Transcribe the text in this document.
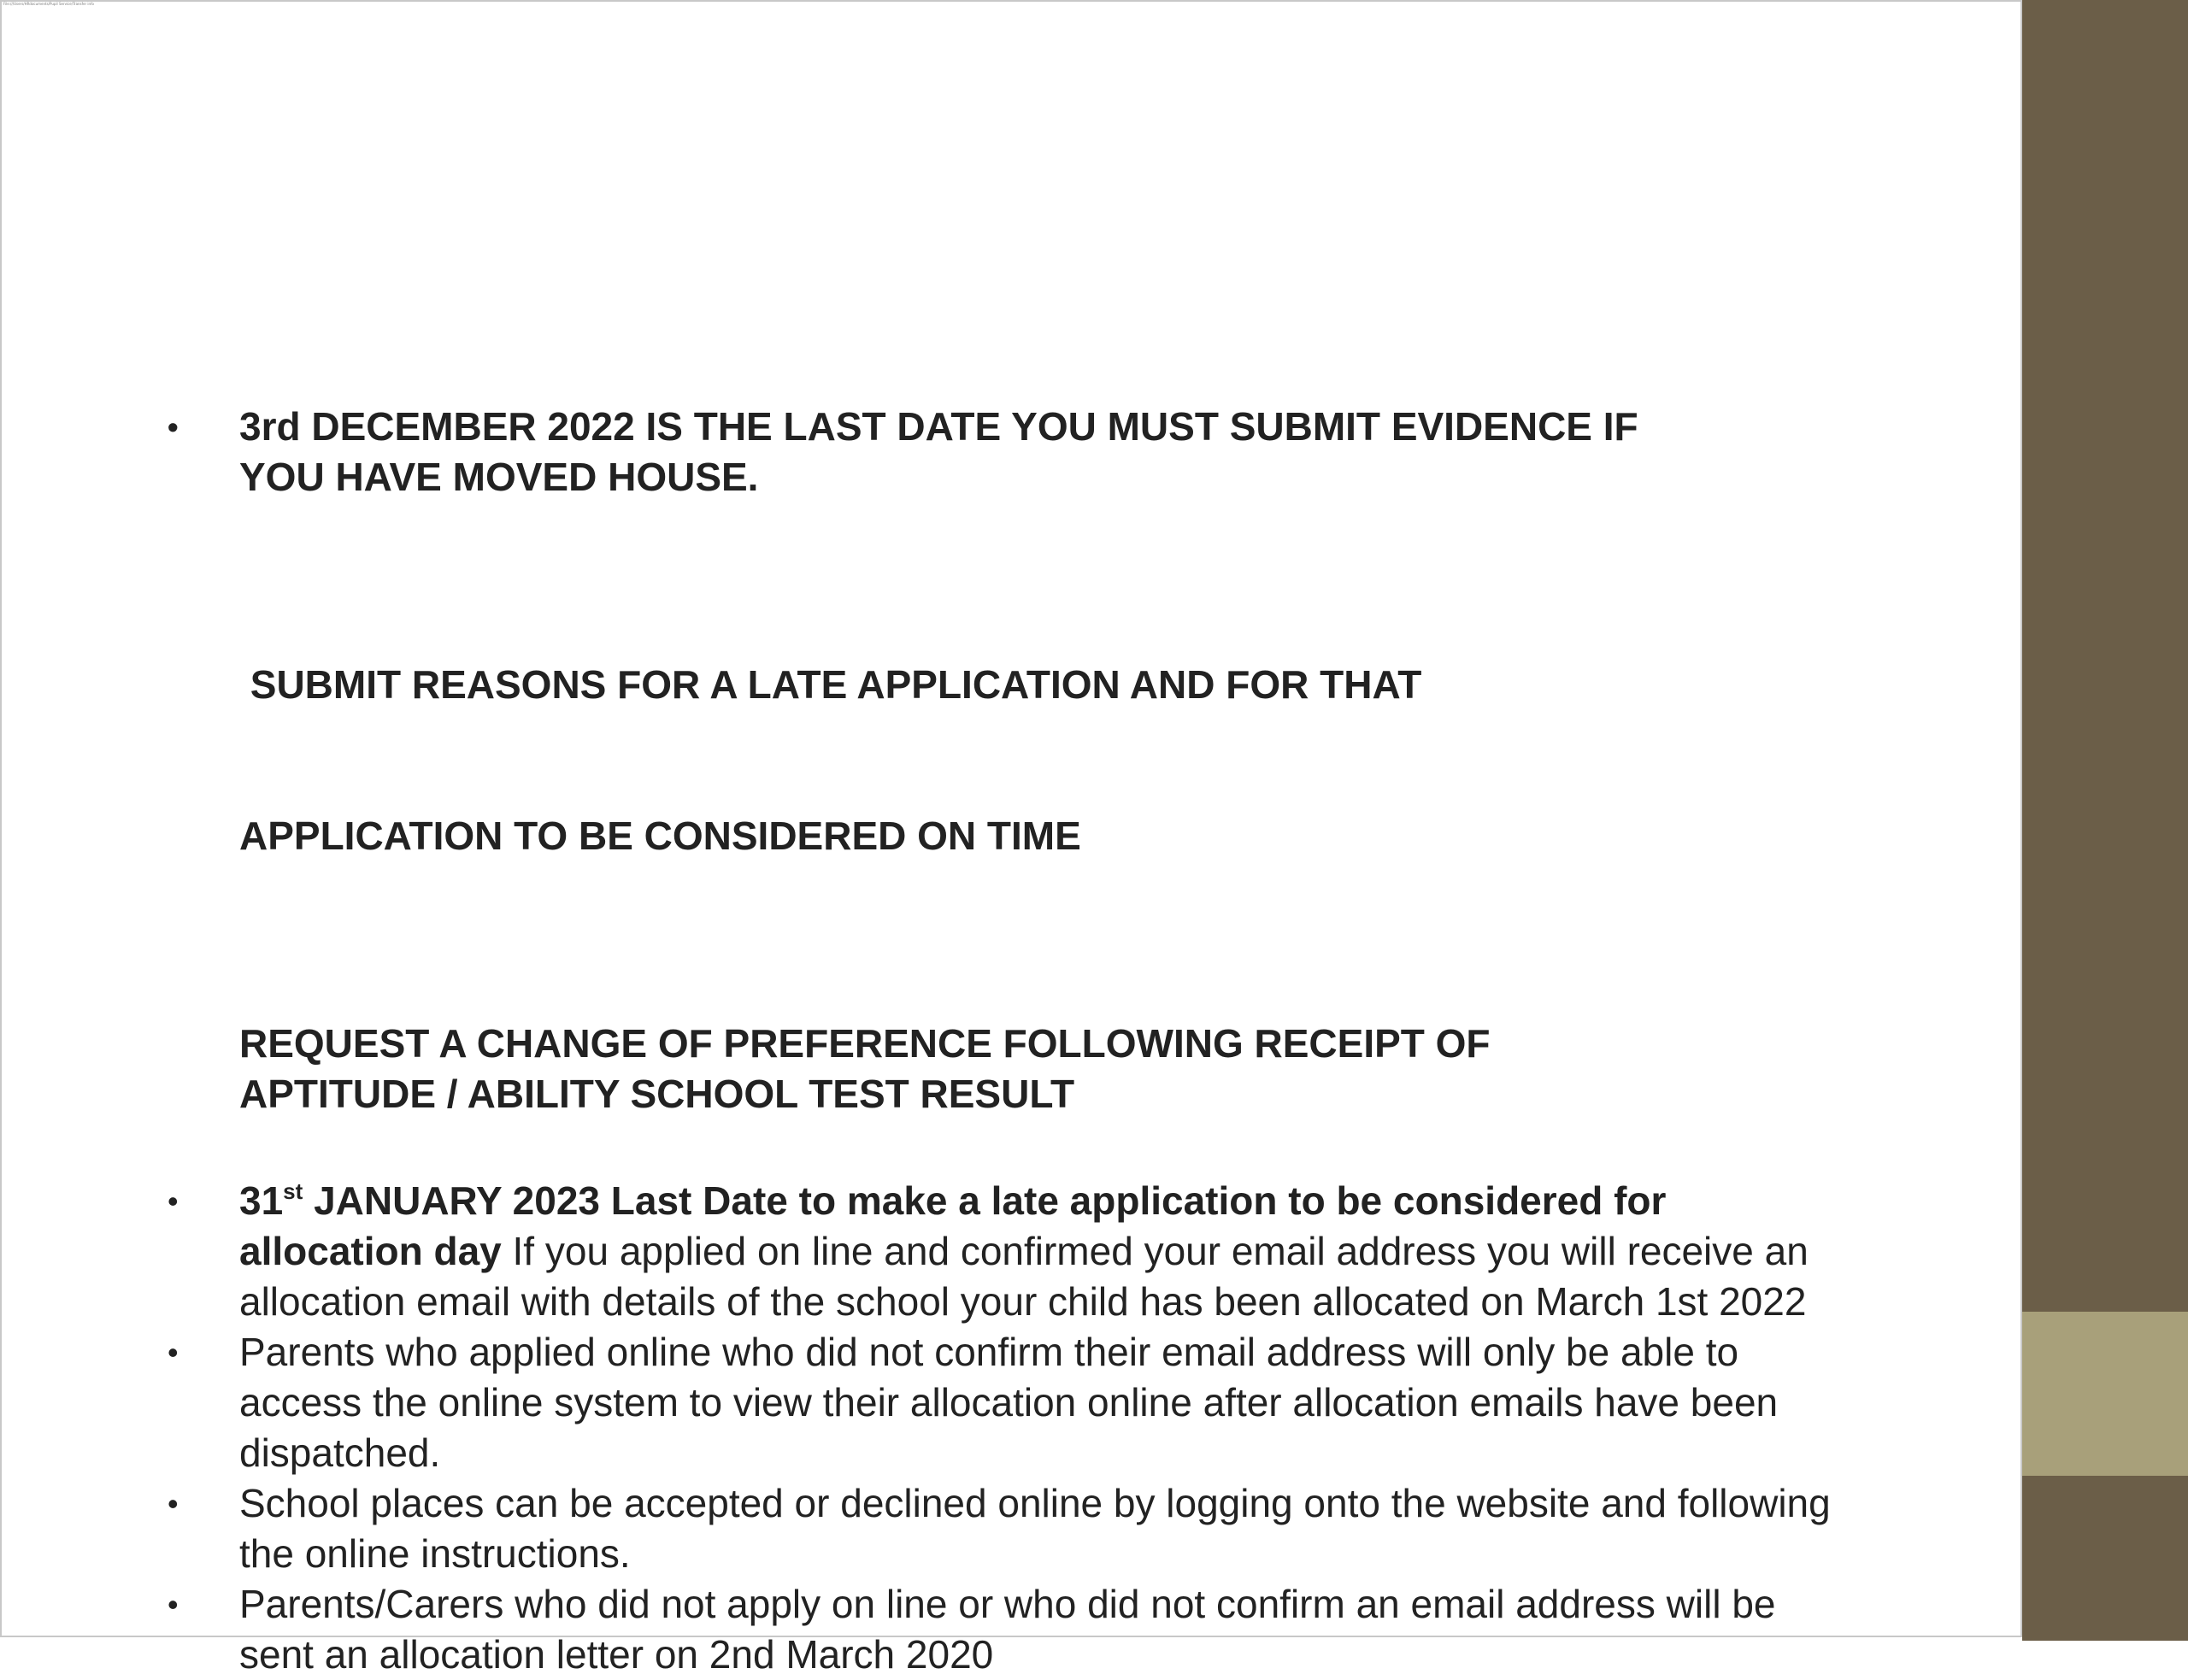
File:///Users/HRdocuments/Pupil Service/Transfer info
•	3rd DECEMBER 2022 IS THE LAST DATE YOU MUST SUBMIT EVIDENCE IF
YOU HAVE MOVED HOUSE.

SUBMIT REASONS FOR A LATE APPLICATION AND FOR THAT

APPLICATION TO BE CONSIDERED ON TIME

REQUEST A CHANGE OF PREFERENCE FOLLOWING RECEIPT OF
APTITUDE / ABILITY SCHOOL TEST RESULT
•	31st JANUARY 2023 Last Date to make a late application to be considered for
allocation day If you applied on line and confirmed your email address you will receive an
allocation email with details of the school your child has been allocated on March 1st 2022
•	Parents who applied online who did not confirm their email address will only be able to
access the online system to view their allocation online after allocation emails have been
dispatched.
•	School places can be accepted or declined online by logging onto the website and following
the online instructions.
•	Parents/Carers who did not apply on line or who did not confirm an email address will be
sent an allocation letter on 2nd March 2020
